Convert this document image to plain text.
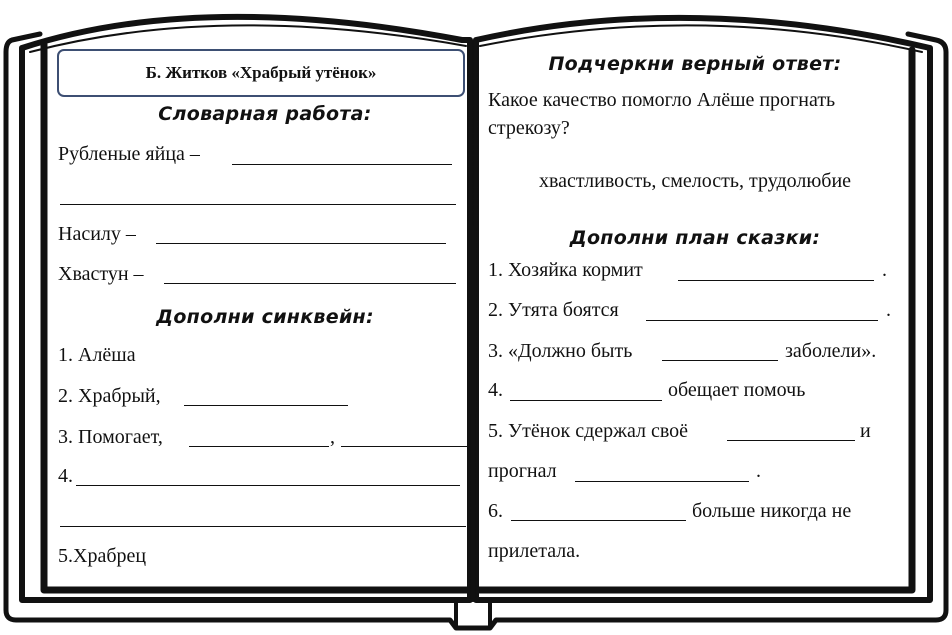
Б. Житков «Храбрый утёнок»
Словарная работа:
Рубленые яйца –
Насилу –
Хвастун –
Дополни синквейн:
1. Алёша
2. Храбрый,
3. Помогает,	,
4.
5.Храбрец
Подчеркни верный ответ:
Какое качество помогло Алёше прогнать
стрекозу?
хвастливость, смелость, трудолюбие
Дополни план сказки:
1. Хозяйка кормит	.
2. Утята боятся	.
3. «Должно быть	заболели».
4.	обещает помочь
5. Утёнок сдержал своё	и
прогнал	.
6.	больше никогда не
прилетала.
